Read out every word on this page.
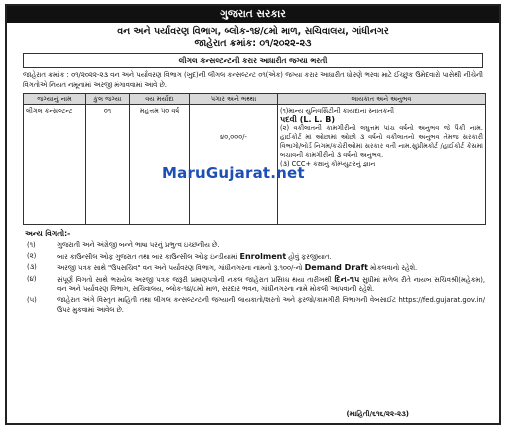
ગુજરાત સરકાર
વન અને પર્યાવરણ વિભાગ, બ્લોક-૧૪/૮મો માળ, સચિવાલય, ગાંધીનગર
જાહેરાત ક્રમાંક: ૦૧/૨૦૨૨-૨૩
લીગલ કન્સલ્ટન્ટની કરાર આધારીત જગ્યા ભરતી
જાહેરાત ક્રમાંક : ૦૧/૨૦૨૨-૨૩ વન અને પર્યાવરણ વિભાગ (ખુદ)ની લીગલ કન્સલ્ટન્ટ ૦૧(એક) જગ્યા કરાર આધારીત ધોરણે ભરવા માટે ઈચ્છુક ઉમેદવારો પાસેથી નીચેની વિગતોએ નિયત નમૂનામાં અરજી મંગાવવામાં આવે છે.
જગ્યાનું નામ	કુલ જગ્યા	વય મર્યાદા	પગાર અને ભથ્થા	લાયકાત અને અનુભવ
લીગલ કન્સલ્ટન્ટ	૦૧	મહત્તમ ૫૦ વર્ષ	૪૦,૦૦૦/-	(૧)માન્ય યુનિવર્સિટીની કાયદાના સ્નાતકની
પદવી (L. L. B)
(૨) વકીલાતની કામગીરીનો લઘુત્તમ પાંચ વર્ષનો અનુભવ જે પૈકી નામ. હાઈકોર્ટ માં ઓછામાં ઓછો ૩ વર્ષનો વકીલાતનો અનુભવ તેમજ સરકારી વિભાગો/બોર્ડ નિગમ/કચેરીઓમાં સરકાર વતી નામ.સુપ્રીમકોર્ટ /હાઈકોર્ટ કેસમાં બચાવની કામગીરીનો ૩ વર્ષનો અનુભવ.
(૩) CCC+ કક્ષાનું કોમ્પ્યુટરનું જ્ઞાન
MaruGujarat.net
અન્ય વિગતો:-
(૧)	ગુજરાતી અને અંગ્રેજી બન્ને ભાષા પરનું પ્રભુત્વ ઇચ્છનીય છે.
(૨)	બાર કાઉન્સીલ ઓફ ગુજરાત તથા બાર કાઉન્સીલ ઓફ ઇન્ડીયામાં Enrolment હોવું ફરજીયાત.
(૩)	અરજી પત્રક સાથે "ઉપસચિવ" વન અને પર્યાવરણ વિભાગ, ગાંધીનગરના નામનો રૂ.૧૦૦/-નો Demand Draft મોકલવાનો રહેશે.
(૪)	સંપૂર્ણ વિગતો સાથે ભરાયેલ અરજી પત્રક જરૂરી પ્રમાણપત્રોની નકલ જાહેરાત પ્રસિધ્ધ થયા તારીખથી દિન-૧૫ સુધીમાં મળેલ રીતે નાયબ સચિવશ્રી(મહેકમ), વન અને પર્યાવરણ વિભાગ, સચિવાલય, બ્લોક-૧૪/૮મો માળ, સરદાર ભવન, ગાંધીનગરના નામે મોકલી આપવાની રહેશે.
(૫)	જાહેરાત અંગે વિસ્તૃત માહિતી તથા લીગલ કન્સલ્ટન્ટની જગ્યાની લાયકાતો/શરતો અને ફરજો/કામગીરી વિભાગની વેબસાઈટ https://fed.gujarat.gov.in/ ઉપર મુકવામાં આવેલ છે.
(માહિતી/૬૧૬/૨૨-૨૩)
